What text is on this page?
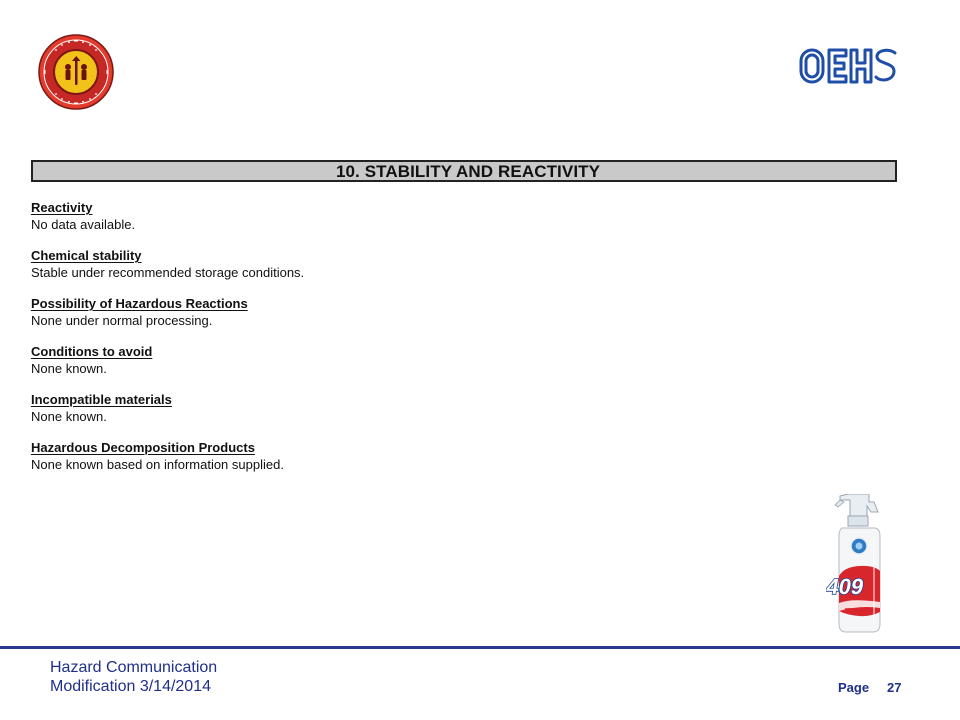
10. STABILITY AND REACTIVITY
Reactivity
No data available.
Chemical stability
Stable under recommended storage conditions.
Possibility of Hazardous Reactions
None under normal processing.
Conditions to avoid
None known.
Incompatible materials
None known.
Hazardous Decomposition Products
None known based on information supplied.
409
Hazard Communication
Modification 3/14/2014	Page 27
